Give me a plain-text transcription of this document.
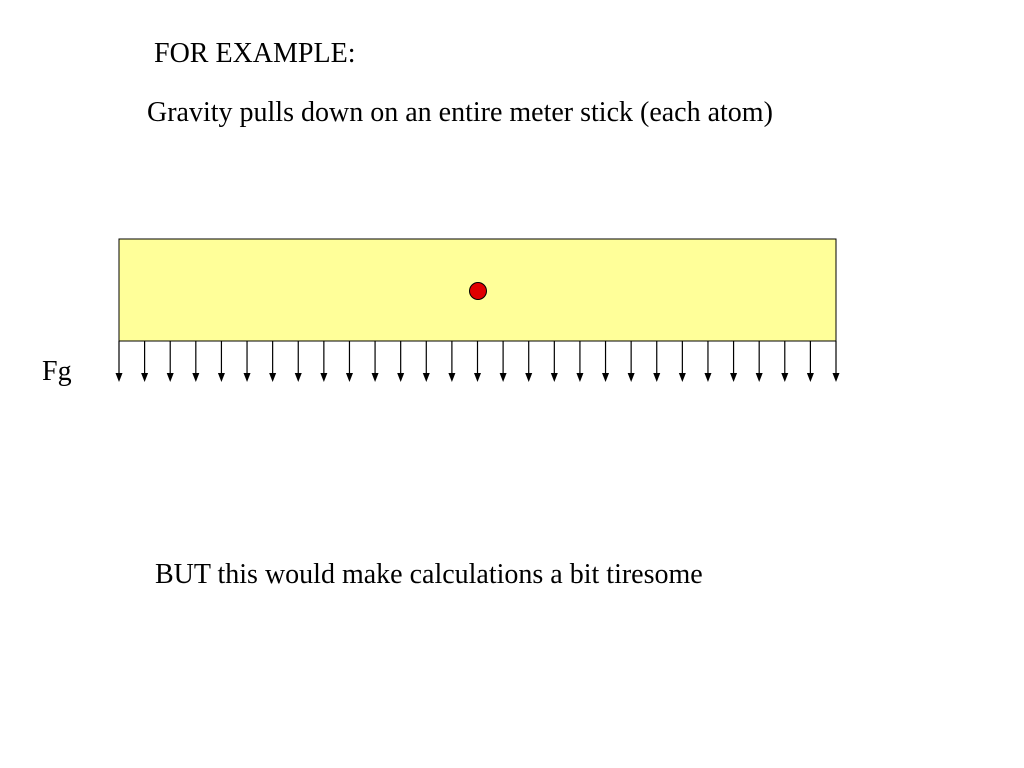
FOR EXAMPLE:
Gravity pulls down on an entire meter stick (each atom)
Fg
BUT this would make calculations a bit tiresome
